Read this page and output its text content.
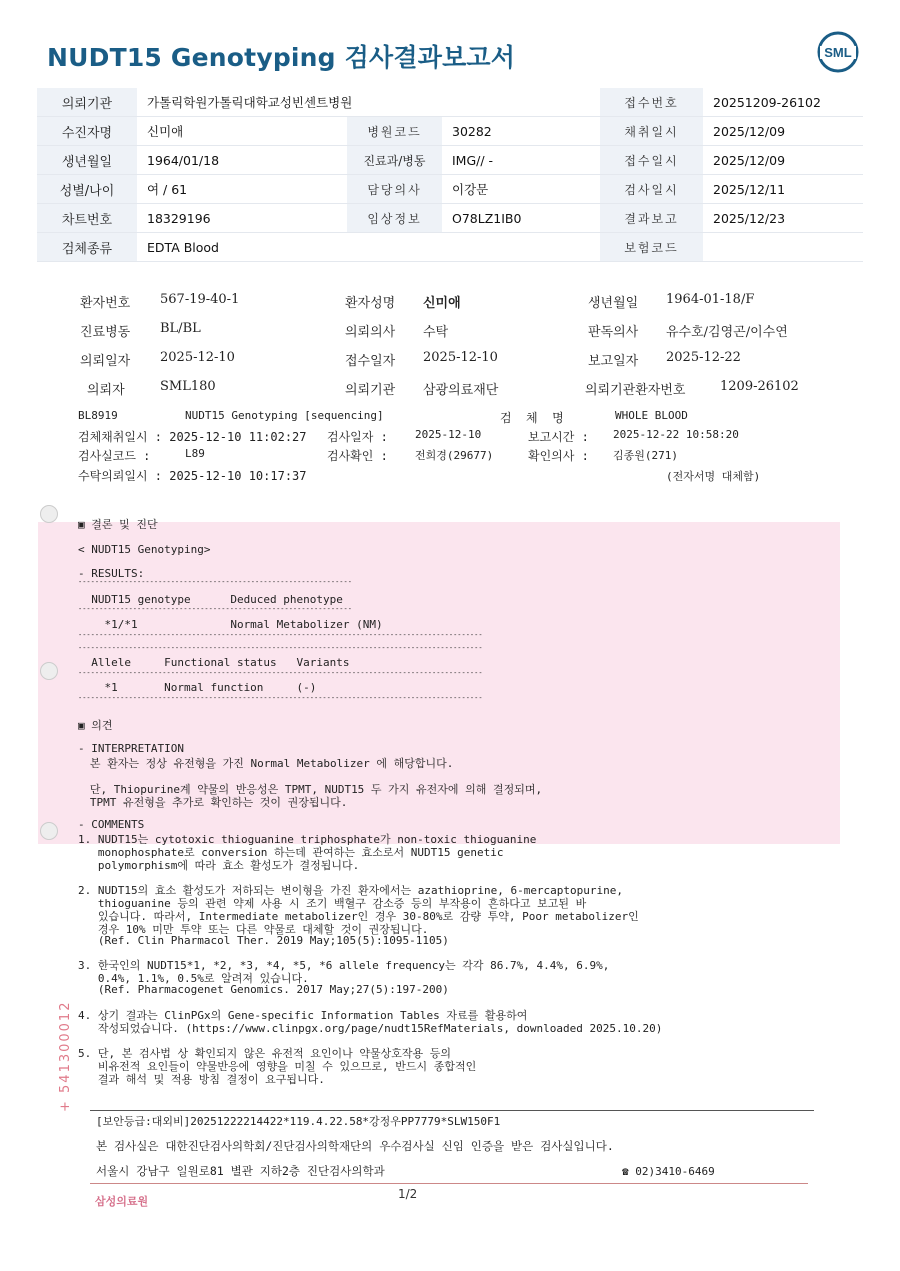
NUDT15 Genotyping 검사결과보고서	SML
의뢰기관	가톨릭학원가톨릭대학교성빈센트병원			접수번호	20251209-26102
수진자명	신미애	병원코드	30282	채취일시	2025/12/09
생년월일	1964/01/18	진료과/병동	IMG// -	접수일시	2025/12/09
성별/나이	여 / 61	담당의사	이강문	검사일시	2025/12/11
차트번호	18329196	임상정보	O78LZ1IB0	결과보고	2025/12/23
검체종류	EDTA Blood			보험코드	
환자번호 567-19-40-1	환자성명 신미애	생년월일 1964-01-18/F
진료병동 BL/BL	의뢰의사 수탁	판독의사 유수호/김영곤/이수연
의뢰일자 2025-12-10	접수일자 2025-12-10	보고일자 2025-12-22
의뢰자	SML180	의뢰기관 삼광의료재단	의뢰기관환자번호	1209-26102
BL8919	NUDT15 Genotyping [sequencing]	검  체  명	WHOLE BLOOD
검체채취일시 : 2025-12-10 11:02:27 검사일자 : 2025-12-10	보고시간 : 2025-12-22 10:58:20
검사실코드 :	L89	검사확인 : 전희경(29677)	확인의사 : 김종원(271)
수탁의뢰일시 : 2025-12-10 10:17:37	(전자서명 대체함)
▣ 결론 및 진단
< NUDT15 Genotyping>
- RESULTS:
-----------------------------------------------------------------
NUDT15 genotype      Deduced phenotype
-----------------------------------------------------------------
*1/*1              Normal Metabolizer (NM)
------------------------------------------------------------------------------------------------
------------------------------------------------------------------------------------------------
Allele     Functional status   Variants
------------------------------------------------------------------------------------------------
*1       Normal function     (-)
------------------------------------------------------------------------------------------------
▣ 의견
- INTERPRETATION
본 환자는 정상 유전형을 가진 Normal Metabolizer 에 해당합니다.
단, Thiopurine계 약물의 반응성은 TPMT, NUDT15 두 가지 유전자에 의해 결정되며,
TPMT 유전형을 추가로 확인하는 것이 권장됩니다.
- COMMENTS
1. NUDT15는 cytotoxic thioguanine triphosphate가 non-toxic thioguanine
monophosphate로 conversion 하는데 관여하는 효소로서 NUDT15 genetic
polymorphism에 따라 효소 활성도가 결정됩니다.
2. NUDT15의 효소 활성도가 저하되는 변이형을 가진 환자에서는 azathioprine, 6-mercaptopurine,
thioguanine 등의 관련 약제 사용 시 조기 백혈구 감소증 등의 부작용이 흔하다고 보고된 바
있습니다. 따라서, Intermediate metabolizer인 경우 30-80%로 감량 투약, Poor metabolizer인
경우 10% 미만 투약 또는 다른 약물로 대체할 것이 권장됩니다.
(Ref. Clin Pharmacol Ther. 2019 May;105(5):1095-1105)
3. 한국인의 NUDT15*1, *2, *3, *4, *5, *6 allele frequency는 각각 86.7%, 4.4%, 6.9%,
0.4%, 1.1%, 0.5%로 알려져 있습니다.
(Ref. Pharmacogenet Genomics. 2017 May;27(5):197-200)
4. 상기 결과는 ClinPGx의 Gene-specific Information Tables 자료를 활용하여
작성되었습니다. (https://www.clinpgx.org/page/nudt15RefMaterials, downloaded 2025.10.20)
5. 단, 본 검사법 상 확인되지 않은 유전적 요인이나 약물상호작용 등의
비유전적 요인들이 약물반응에 영향을 미칠 수 있으므로, 반드시 종합적인
결과 해석 및 적용 방침 결정이 요구됩니다.
[보안등급:대외비]20251222214422*119.4.22.58*강정우PP7779*SLW150F1
본 검사실은 대한진단검사의학회/진단검사의학재단의 우수검사실 신임 인증을 받은 검사실입니다.
서울시 강남구 일원로81 별관 지하2층 진단검사의학과	☎ 02)3410-6469
삼성의료원
1/2
+ 541300012
